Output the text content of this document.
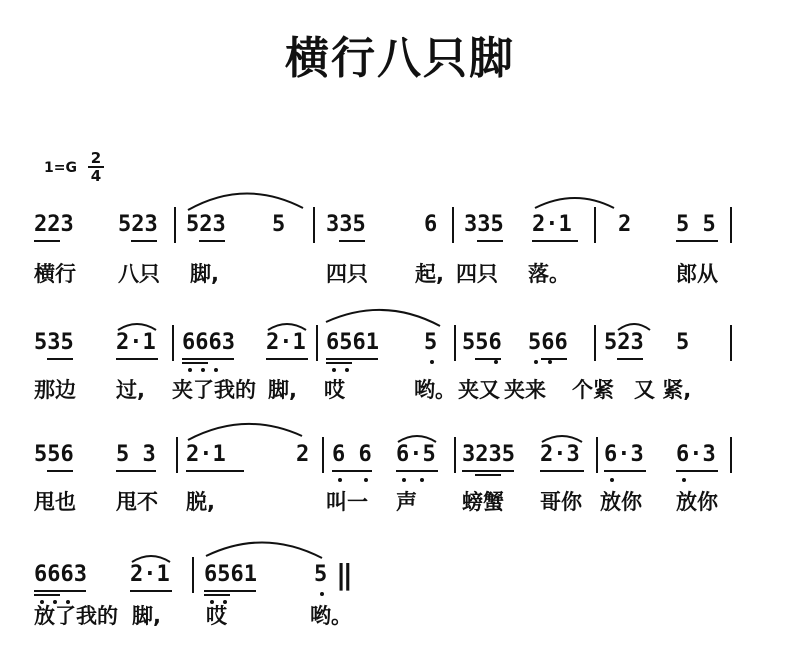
横行八只脚
1=G
2
4
223 523 523 5 335	6 335 2·1 2 5 5
横行 八只 脚,	四只 起, 四只 落。	郎从
535 2·1 6663 2·1 6561 5 556 566 523 5
那边 过, 夹了我的 脚, 哎	哟。 夹又 夹来 个紧 又 紧,
556 5 3 2·1	2 6 6 6·5 3235 2·3 6·3 6·3
甩也 甩不 脱,	叫一 声 螃蟹 哥你 放你 放你
6663 2·1 6561	5 ‖
放了我的 脚, 哎	哟。
